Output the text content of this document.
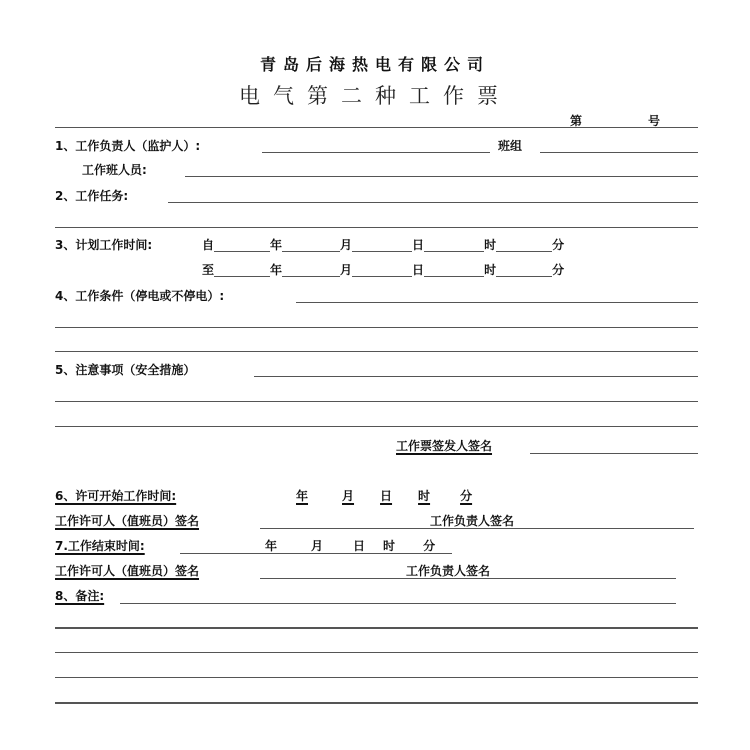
青岛后海热电有限公司
电气第二种工作票
第	号
1、工作负责人（监护人）:	班组
工作班人员:
2、工作任务:
3、计划工作时间:	自	年	月	日	时	分
至	年	月	日	时	分
4、工作条件（停电或不停电）:
5、注意事项（安全措施）
工作票签发人签名
6、许可开始工作时间:	年	月 日 时	分
工作许可人（值班员）签名	工作负责人签名
7.工作结束时间:	年	月	日 时 分
工作许可人（值班员）签名	工作负责人签名
8、备注:
